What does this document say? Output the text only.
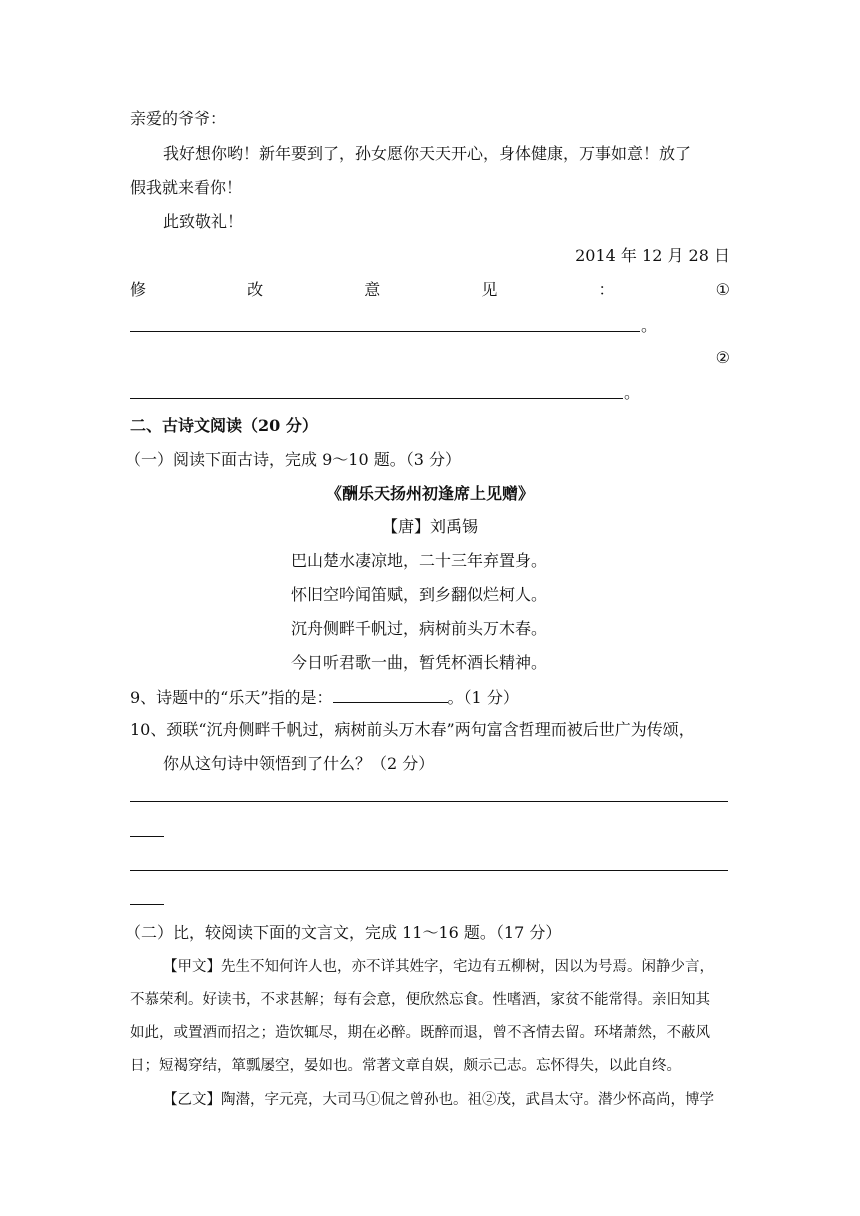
亲爱的爷爷：
我好想你哟！新年要到了，孙女愿你天天开心，身体健康，万事如意！放了
假我就来看你！
此致敬礼！
2014 年 12 月 28 日
修	改	意	见	：	①
。
②
。
二、古诗文阅读（20 分）
（一）阅读下面古诗，完成 9～10 题。（3 分）
《酬乐天扬州初逢席上见赠》
【唐】刘禹锡
巴山楚水凄凉地，二十三年弃置身。
怀旧空吟闻笛赋，到乡翻似烂柯人。
沉舟侧畔千帆过，病树前头万木春。
今日听君歌一曲，暂凭杯酒长精神。
9、诗题中的“乐天”指的是：	。（1 分）
10、颈联“沉舟侧畔千帆过，病树前头万木春”两句富含哲理而被后世广为传颂，
你从这句诗中领悟到了什么？（2 分）
（二）比，较阅读下面的文言文，完成 11～16 题。（17 分）
【甲文】先生不知何许人也，亦不详其姓字，宅边有五柳树，因以为号焉。闲静少言，
不慕荣利。好读书，不求甚解；每有会意，便欣然忘食。性嗜酒，家贫不能常得。亲旧知其
如此，或置酒而招之；造饮辄尽，期在必醉。既醉而退，曾不吝情去留。环堵萧然，不蔽风
日；短褐穿结，箪瓢屡空，晏如也。常著文章自娱，颇示己志。忘怀得失，以此自终。
【乙文】陶潜，字元亮，大司马①侃之曾孙也。祖②茂，武昌太守。潜少怀高尚，博学
